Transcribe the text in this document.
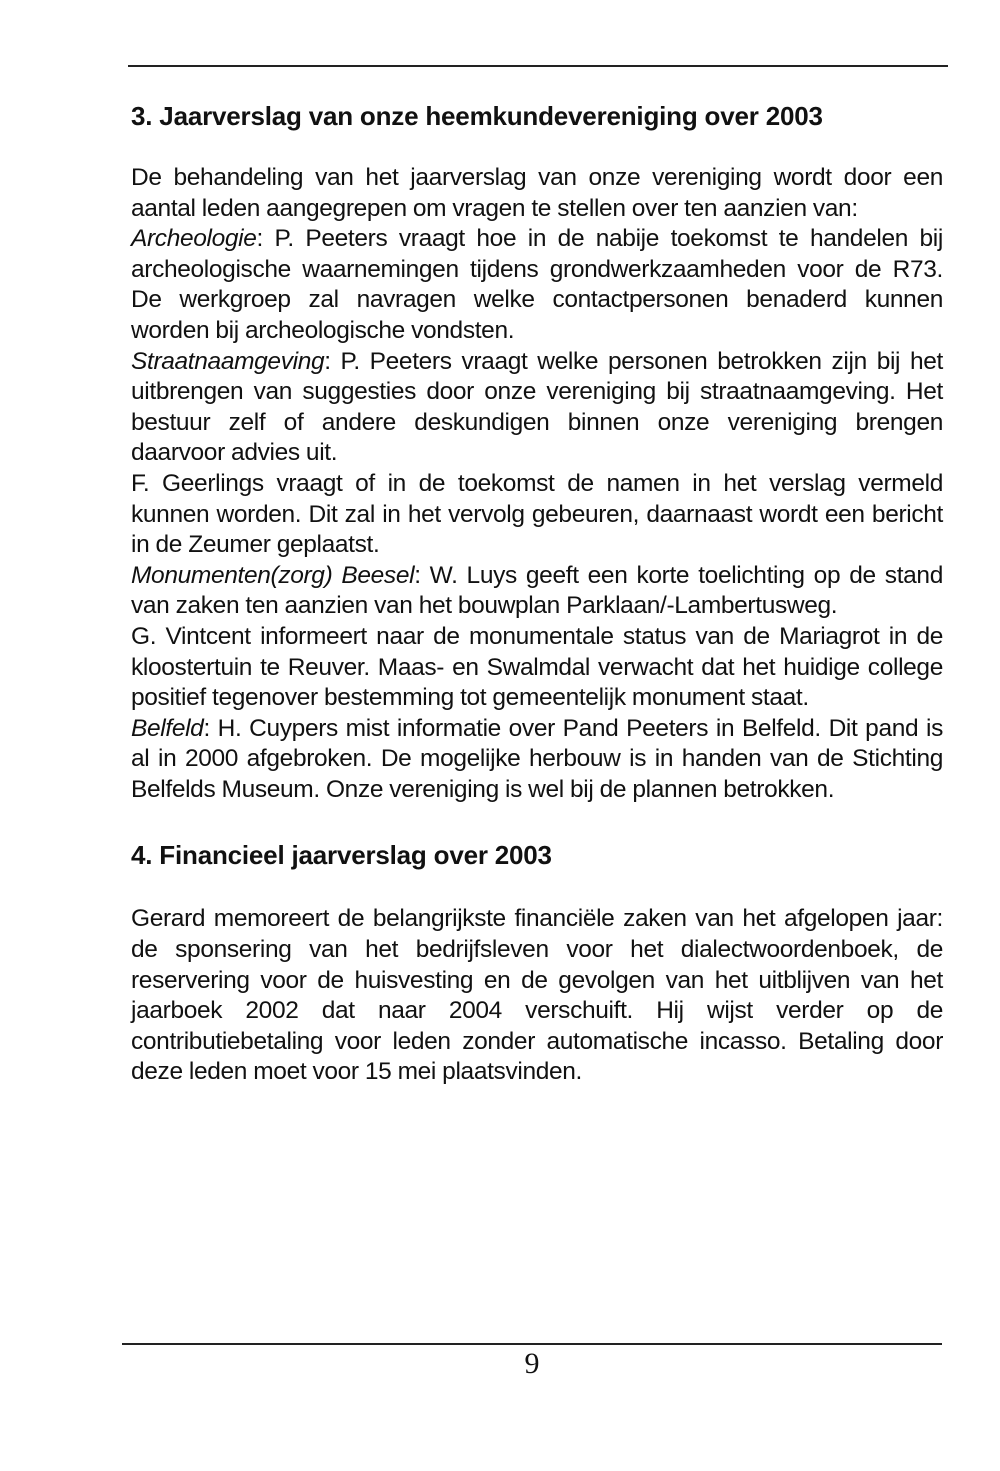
3. Jaarverslag van onze heemkundevereniging over 2003

De behandeling van het jaarverslag van onze vereniging wordt door een aantal leden aangegrepen om vragen te stellen over ten aanzien van:

Archeologie: P. Peeters vraagt hoe in de nabije toekomst te handelen bij archeologische waarnemingen tijdens grondwerkzaamheden voor de R73. De werkgroep zal navragen welke contactpersonen benaderd kunnen worden bij archeologische vondsten.

Straatnaamgeving: P. Peeters vraagt welke personen betrokken zijn bij het uitbrengen van suggesties door onze vereniging bij straatnaamgeving. Het bestuur zelf of andere deskundigen binnen onze vereniging brengen daarvoor advies uit.

F. Geerlings vraagt of in de toekomst de namen in het verslag vermeld kunnen worden. Dit zal in het vervolg gebeuren, daarnaast wordt een bericht in de Zeumer geplaatst.

Monumenten(zorg) Beesel: W. Luys geeft een korte toelichting op de stand van zaken ten aanzien van het bouwplan Parklaan/-Lambertusweg.

G. Vintcent informeert naar de monumentale status van de Mariagrot in de kloostertuin te Reuver. Maas- en Swalmdal verwacht dat het huidige college positief tegenover bestemming tot gemeentelijk monument staat.

Belfeld: H. Cuypers mist informatie over Pand Peeters in Belfeld. Dit pand is al in 2000 afgebroken. De mogelijke herbouw is in handen van de Stichting Belfelds Museum. Onze vereniging is wel bij de plannen betrokken.

4. Financieel jaarverslag over 2003

Gerard memoreert de belangrijkste financiële zaken van het afgelopen jaar: de sponsering van het bedrijfsleven voor het dialectwoordenboek, de reservering voor de huisvesting en de gevolgen van het uitblijven van het jaarboek 2002 dat naar 2004 verschuift. Hij wijst verder op de contributiebetaling voor leden zonder automatische incasso. Betaling door deze leden moet voor 15 mei plaatsvinden.

9
